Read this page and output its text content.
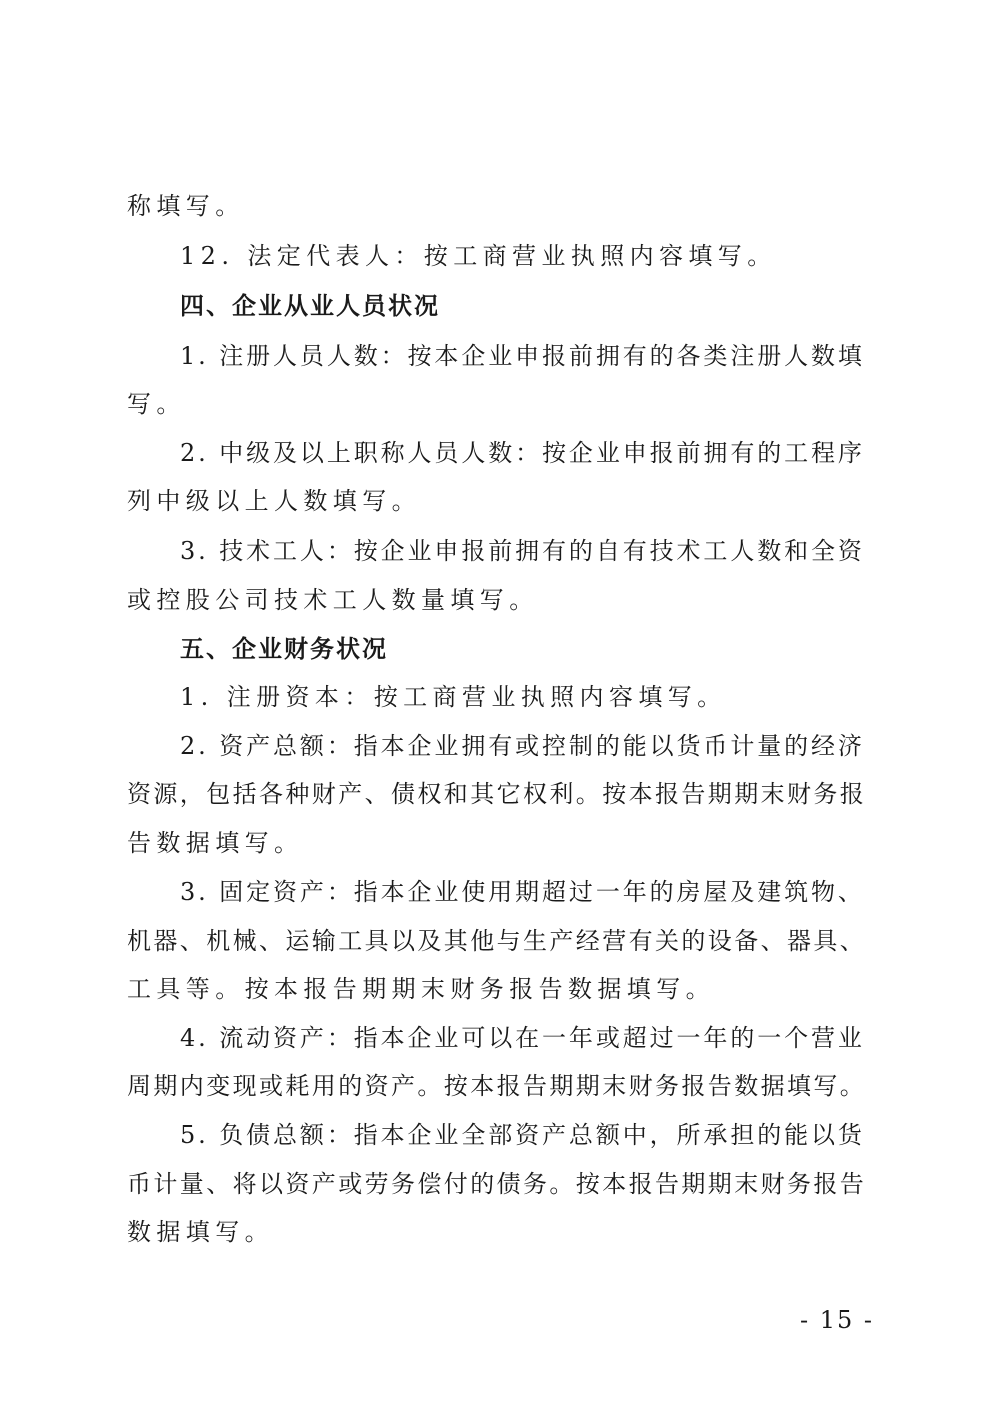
称填写。
12. 法定代表人：按工商营业执照内容填写。
四、企业从业人员状况
1. 注册人员人数：按本企业申报前拥有的各类注册人数填
写。
2. 中级及以上职称人员人数：按企业申报前拥有的工程序
列中级以上人数填写。
3. 技术工人：按企业申报前拥有的自有技术工人数和全资
或控股公司技术工人数量填写。
五、企业财务状况
1. 注册资本：按工商营业执照内容填写。
2. 资产总额：指本企业拥有或控制的能以货币计量的经济
资源，包括各种财产、债权和其它权利。按本报告期期末财务报
告数据填写。
3. 固定资产：指本企业使用期超过一年的房屋及建筑物、
机器、机械、运输工具以及其他与生产经营有关的设备、器具、
工具等。按本报告期期末财务报告数据填写。
4. 流动资产：指本企业可以在一年或超过一年的一个营业
周期内变现或耗用的资产。按本报告期期末财务报告数据填写。
5. 负债总额：指本企业全部资产总额中，所承担的能以货
币计量、将以资产或劳务偿付的债务。按本报告期期末财务报告
数据填写。
- 15 -
